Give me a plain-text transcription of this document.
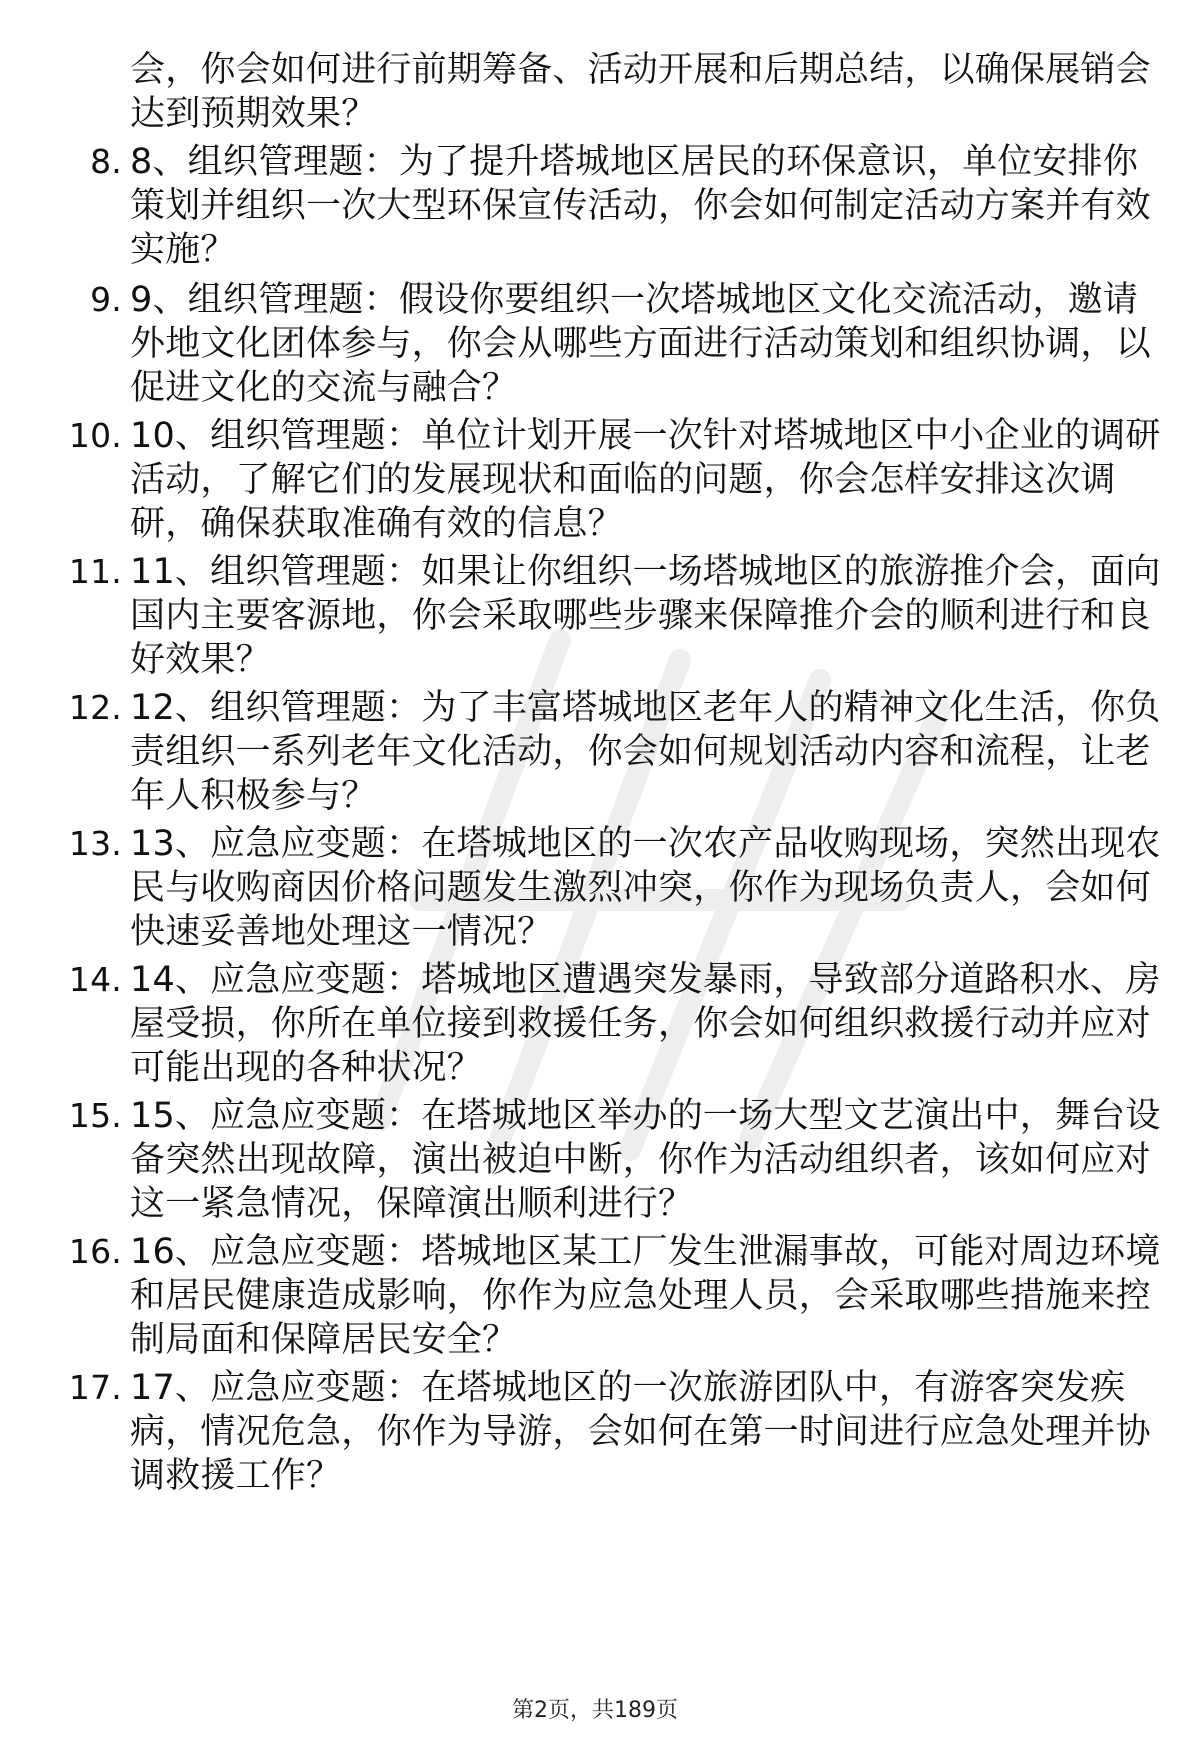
会，你会如何进行前期筹备、活动开展和后期总结，以确保展销会达到预期效果？
8. 8、组织管理题：为了提升塔城地区居民的环保意识，单位安排你策划并组织一次大型环保宣传活动，你会如何制定活动方案并有效实施？
9. 9、组织管理题：假设你要组织一次塔城地区文化交流活动，邀请外地文化团体参与，你会从哪些方面进行活动策划和组织协调，以促进文化的交流与融合？
10. 10、组织管理题：单位计划开展一次针对塔城地区中小企业的调研活动，了解它们的发展现状和面临的问题，你会怎样安排这次调研，确保获取准确有效的信息？
11. 11、组织管理题：如果让你组织一场塔城地区的旅游推介会，面向国内主要客源地，你会采取哪些步骤来保障推介会的顺利进行和良好效果？
12. 12、组织管理题：为了丰富塔城地区老年人的精神文化生活，你负责组织一系列老年文化活动，你会如何规划活动内容和流程，让老年人积极参与？
13. 13、应急应变题：在塔城地区的一次农产品收购现场，突然出现农民与收购商因价格问题发生激烈冲突，你作为现场负责人，会如何快速妥善地处理这一情况？
14. 14、应急应变题：塔城地区遭遇突发暴雨，导致部分道路积水、房屋受损，你所在单位接到救援任务，你会如何组织救援行动并应对可能出现的各种状况？
15. 15、应急应变题：在塔城地区举办的一场大型文艺演出中，舞台设备突然出现故障，演出被迫中断，你作为活动组织者，该如何应对这一紧急情况，保障演出顺利进行？
16. 16、应急应变题：塔城地区某工厂发生泄漏事故，可能对周边环境和居民健康造成影响，你作为应急处理人员，会采取哪些措施来控制局面和保障居民安全？
17. 17、应急应变题：在塔城地区的一次旅游团队中，有游客突发疾病，情况危急，你作为导游，会如何在第一时间进行应急处理并协调救援工作？
第2页，共189页
